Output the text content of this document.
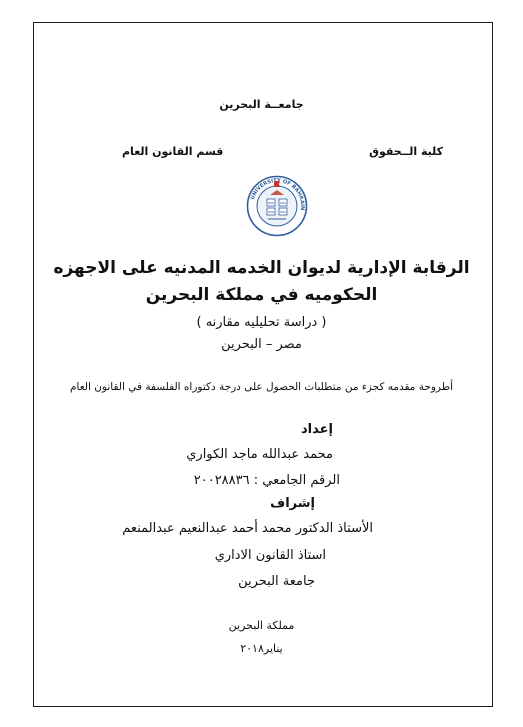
جامعــة البحرين
كلية الــحقوق
قسم القانون العام
UNIVERSI OF BAHRAIN
الرقابة الإدارية لديوان الخدمه المدنيه على الاجهزه
الحكوميه في مملكة البحرين
( دراسة تحليليه مقارنه )
مصر – البحرين
أطروحة مقدمه كجزء من متطلبات الحصول على درجة دكتوراه الفلسفة في القانون العام
إعداد
محمد عبدالله ماجد الكواري
الرقم الجامعي : ٢٠٠٢٨٨٣٦
إشراف
الأستاذ الدكتور محمد أحمد عبدالنعيم عبدالمنعم
استاذ القانون الاداري
جامعة البحرين
مملكة البحرين
يناير٢٠١٨
